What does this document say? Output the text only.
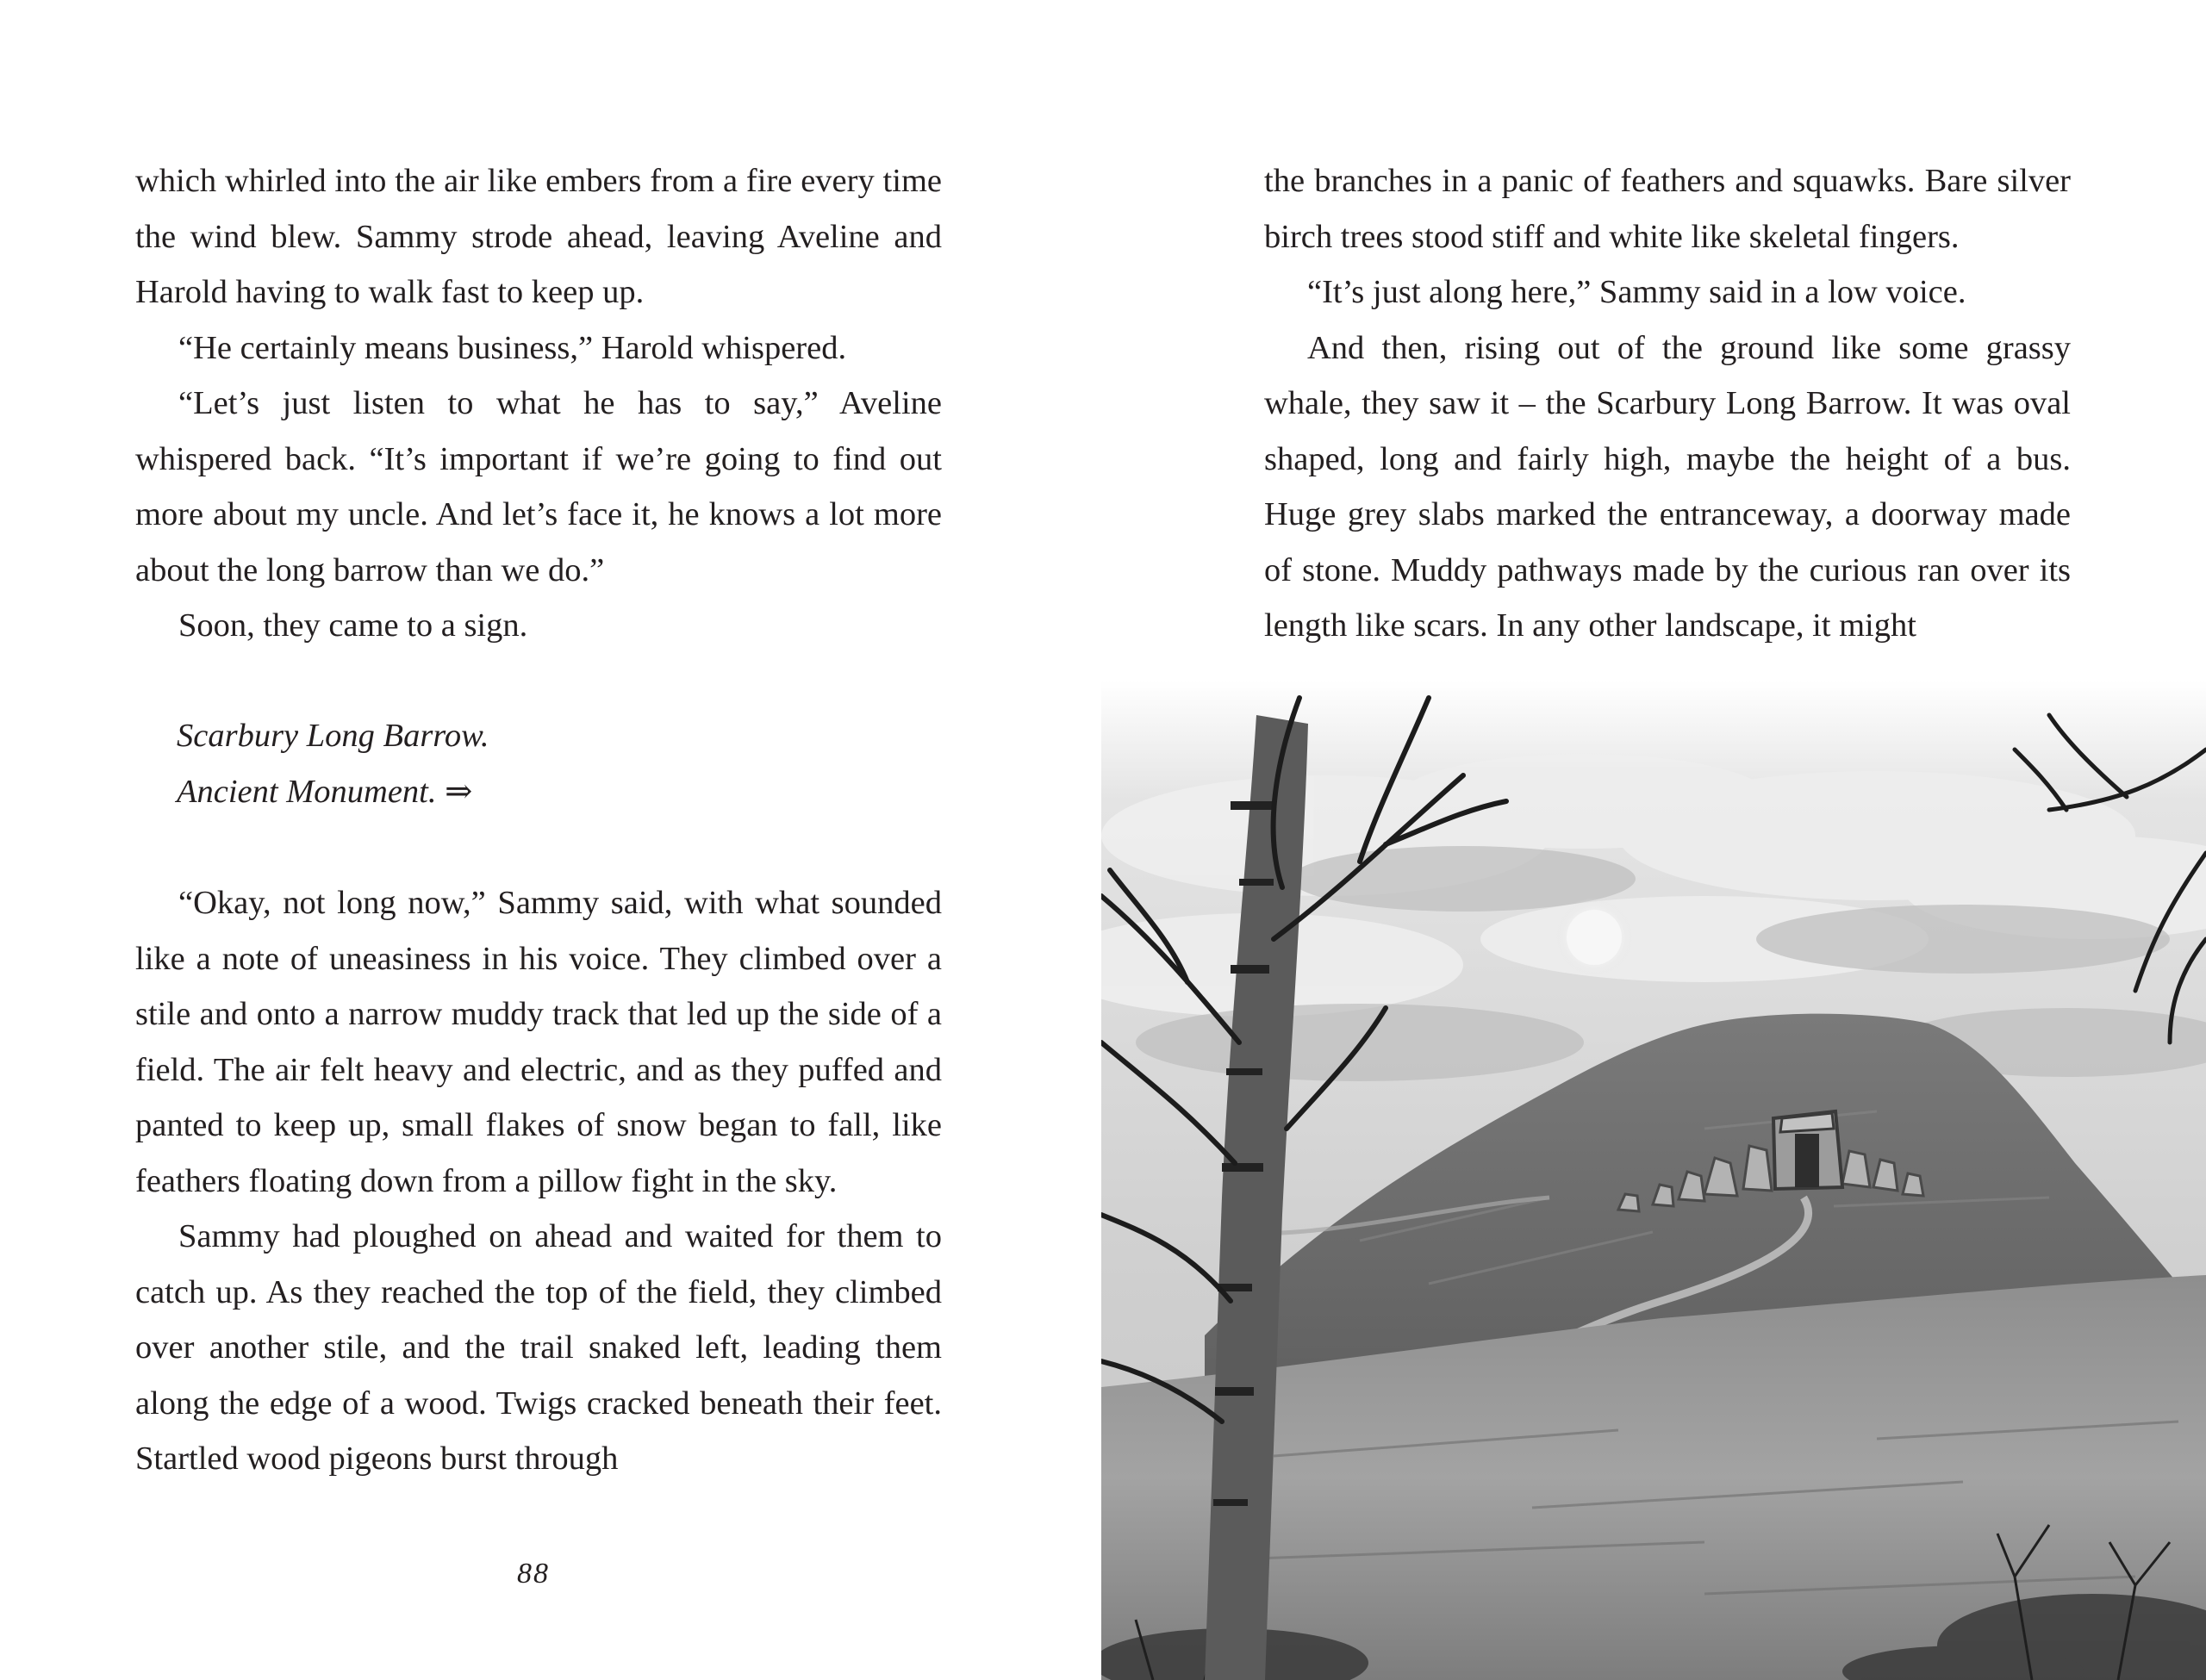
which whirled into the air like embers from a fire every time the wind blew. Sammy strode ahead, leaving Aveline and Harold having to walk fast to keep up.

“He certainly means business,” Harold whispered.

“Let’s just listen to what he has to say,” Aveline whispered back. “It’s important if we’re going to find out more about my uncle. And let’s face it, he knows a lot more about the long barrow than we do.”

Soon, they came to a sign.

Scarbury Long Barrow.
Ancient Monument. ⇒

“Okay, not long now,” Sammy said, with what sounded like a note of uneasiness in his voice. They climbed over a stile and onto a narrow muddy track that led up the side of a field. The air felt heavy and electric, and as they puffed and panted to keep up, small flakes of snow began to fall, like feathers floating down from a pillow fight in the sky.

Sammy had ploughed on ahead and waited for them to catch up. As they reached the top of the field, they climbed over another stile, and the trail snaked left, leading them along the edge of a wood. Twigs cracked beneath their feet. Startled wood pigeons burst through

88

the branches in a panic of feathers and squawks. Bare silver birch trees stood stiff and white like skeletal fingers.

“It’s just along here,” Sammy said in a low voice.

And then, rising out of the ground like some grassy whale, they saw it – the Scarbury Long Barrow. It was oval shaped, long and fairly high, maybe the height of a bus. Huge grey slabs marked the entranceway, a doorway made of stone. Muddy pathways made by the curious ran over its length like scars. In any other landscape, it might
